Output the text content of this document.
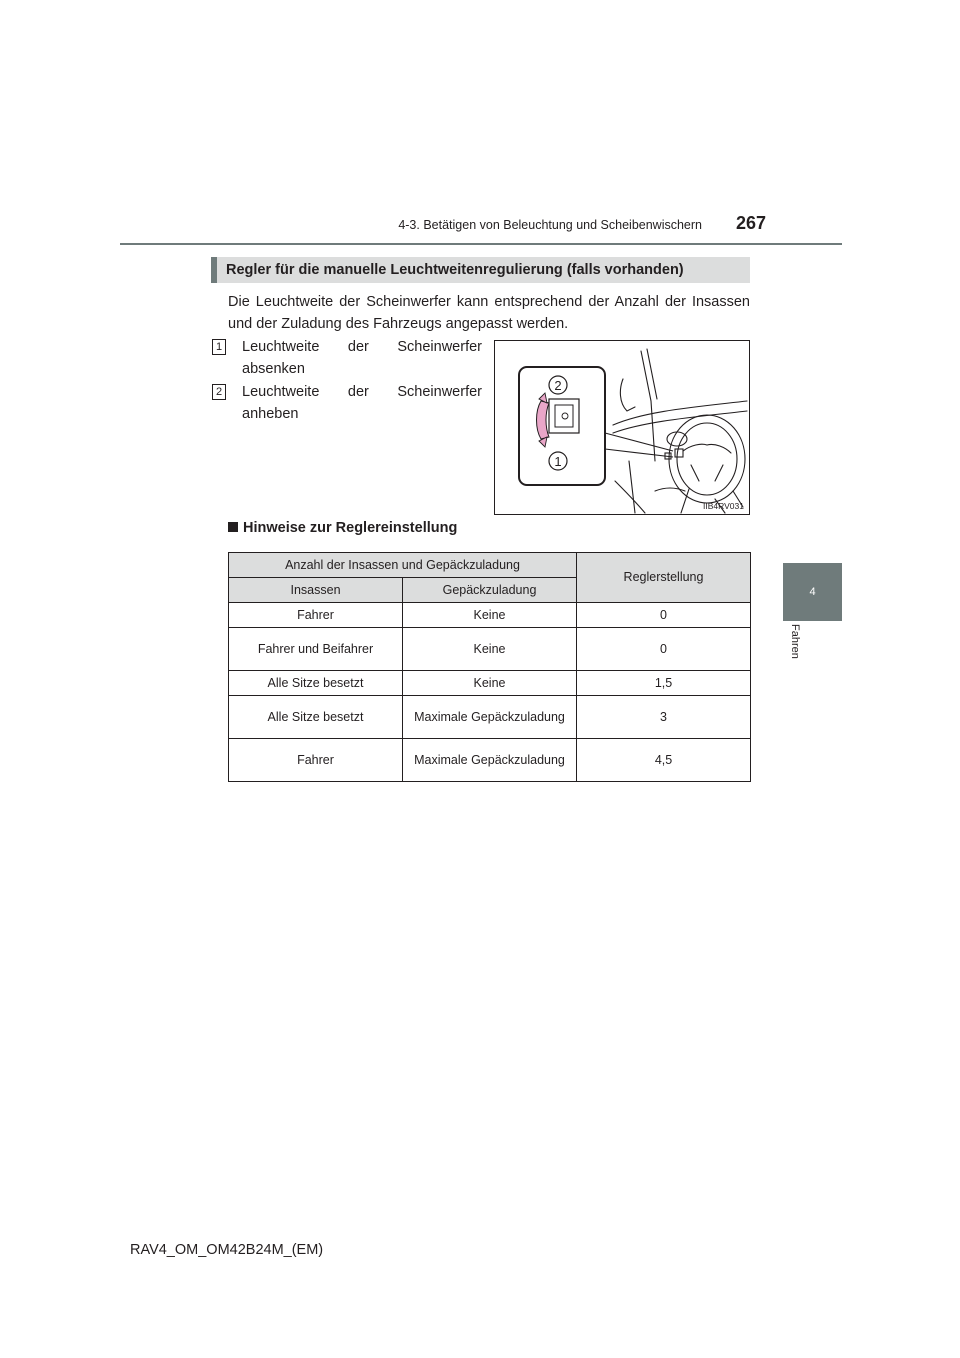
4-3. Betätigen von Beleuchtung und Scheibenwischern 267
4
Fahren
Regler für die manuelle Leuchtweitenregulierung (falls vorhanden)

Die Leuchtweite der Scheinwerfer kann entsprechend der Anzahl der Insassen und der Zuladung des Fahrzeugs angepasst werden.

1 Leuchtweite der Scheinwerfer absenken
2 Leuchtweite der Scheinwerfer anheben
2
1
IIB4RV031
Hinweise zur Reglereinstellung
Anzahl der Insassen und Gepäckzuladung		Reglerstellung
Insassen	Gepäckzuladung	
Fahrer	Keine	0
Fahrer und Beifahrer	Keine	0
Alle Sitze besetzt	Keine	1,5
Alle Sitze besetzt	Maximale Gepäckzuladung	3
Fahrer	Maximale Gepäckzuladung	4,5
RAV4_OM_OM42B24M_(EM)
